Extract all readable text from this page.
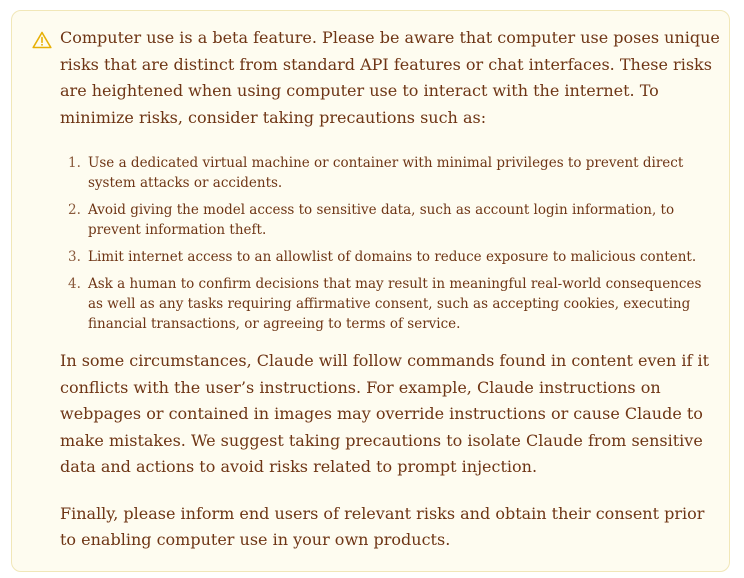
Computer use is a beta feature. Please be aware that computer use poses unique risks that are distinct from standard API features or chat interfaces. These risks are heightened when using computer use to interact with the internet. To minimize risks, consider taking precautions such as:

1. Use a dedicated virtual machine or container with minimal privileges to prevent direct system attacks or accidents.
2. Avoid giving the model access to sensitive data, such as account login information, to prevent information theft.
3. Limit internet access to an allowlist of domains to reduce exposure to malicious content.
4. Ask a human to confirm decisions that may result in meaningful real-world consequences as well as any tasks requiring affirmative consent, such as accepting cookies, executing financial transactions, or agreeing to terms of service.

In some circumstances, Claude will follow commands found in content even if it conflicts with the user’s instructions. For example, Claude instructions on webpages or contained in images may override instructions or cause Claude to make mistakes. We suggest taking precautions to isolate Claude from sensitive data and actions to avoid risks related to prompt injection.

Finally, please inform end users of relevant risks and obtain their consent prior to enabling computer use in your own products.
